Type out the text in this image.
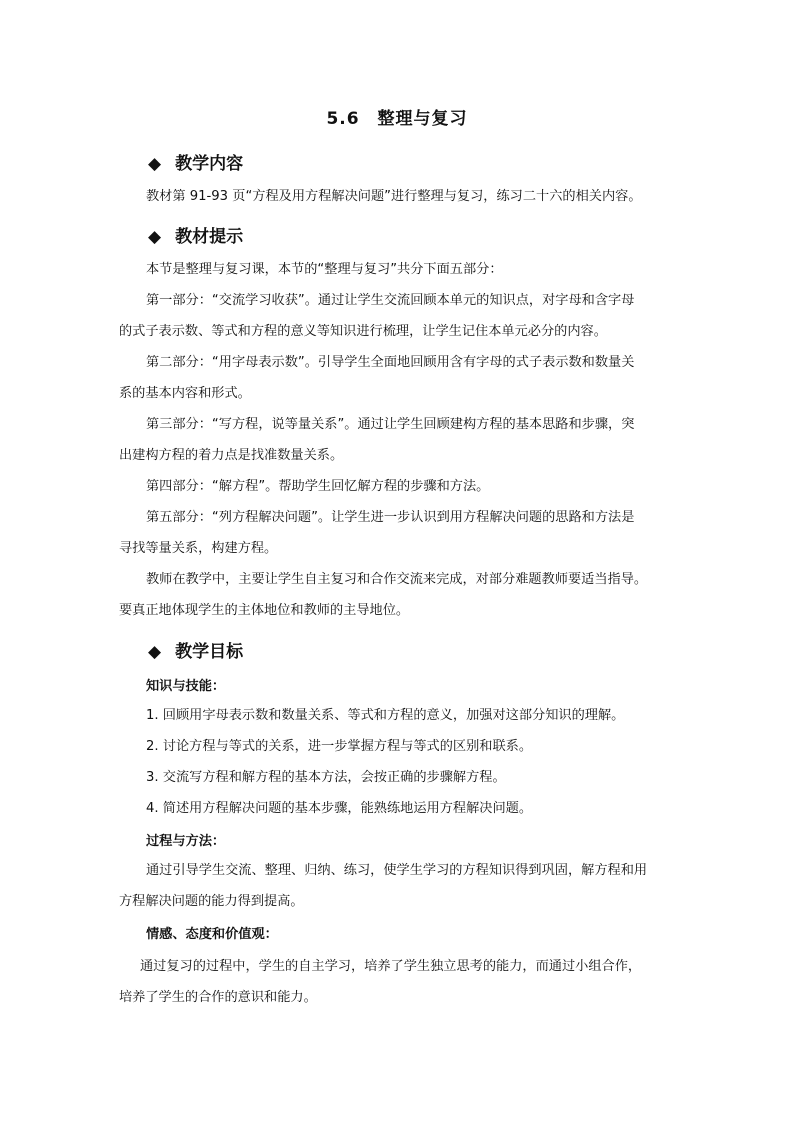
5.6　整理与复习
◆ 教学内容
教材第 91-93 页“方程及用方程解决问题”进行整理与复习，练习二十六的相关内容。
◆ 教材提示
本节是整理与复习课，本节的“整理与复习”共分下面五部分：
第一部分：“交流学习收获”。通过让学生交流回顾本单元的知识点，对字母和含字母
的式子表示数、等式和方程的意义等知识进行梳理，让学生记住本单元必分的内容。
第二部分：“用字母表示数”。引导学生全面地回顾用含有字母的式子表示数和数量关
系的基本内容和形式。
第三部分：“写方程，说等量关系”。通过让学生回顾建构方程的基本思路和步骤，突
出建构方程的着力点是找准数量关系。
第四部分：“解方程”。帮助学生回忆解方程的步骤和方法。
第五部分：“列方程解决问题”。让学生进一步认识到用方程解决问题的思路和方法是
寻找等量关系，构建方程。
教师在教学中，主要让学生自主复习和合作交流来完成，对部分难题教师要适当指导。
要真正地体现学生的主体地位和教师的主导地位。
◆ 教学目标
知识与技能：
1. 回顾用字母表示数和数量关系、等式和方程的意义，加强对这部分知识的理解。
2. 讨论方程与等式的关系，进一步掌握方程与等式的区别和联系。
3. 交流写方程和解方程的基本方法，会按正确的步骤解方程。
4. 简述用方程解决问题的基本步骤，能熟练地运用方程解决问题。
过程与方法：
通过引导学生交流、整理、归纳、练习，使学生学习的方程知识得到巩固，解方程和用
方程解决问题的能力得到提高。
情感、态度和价值观：
通过复习的过程中，学生的自主学习，培养了学生独立思考的能力，而通过小组合作，
培养了学生的合作的意识和能力。
